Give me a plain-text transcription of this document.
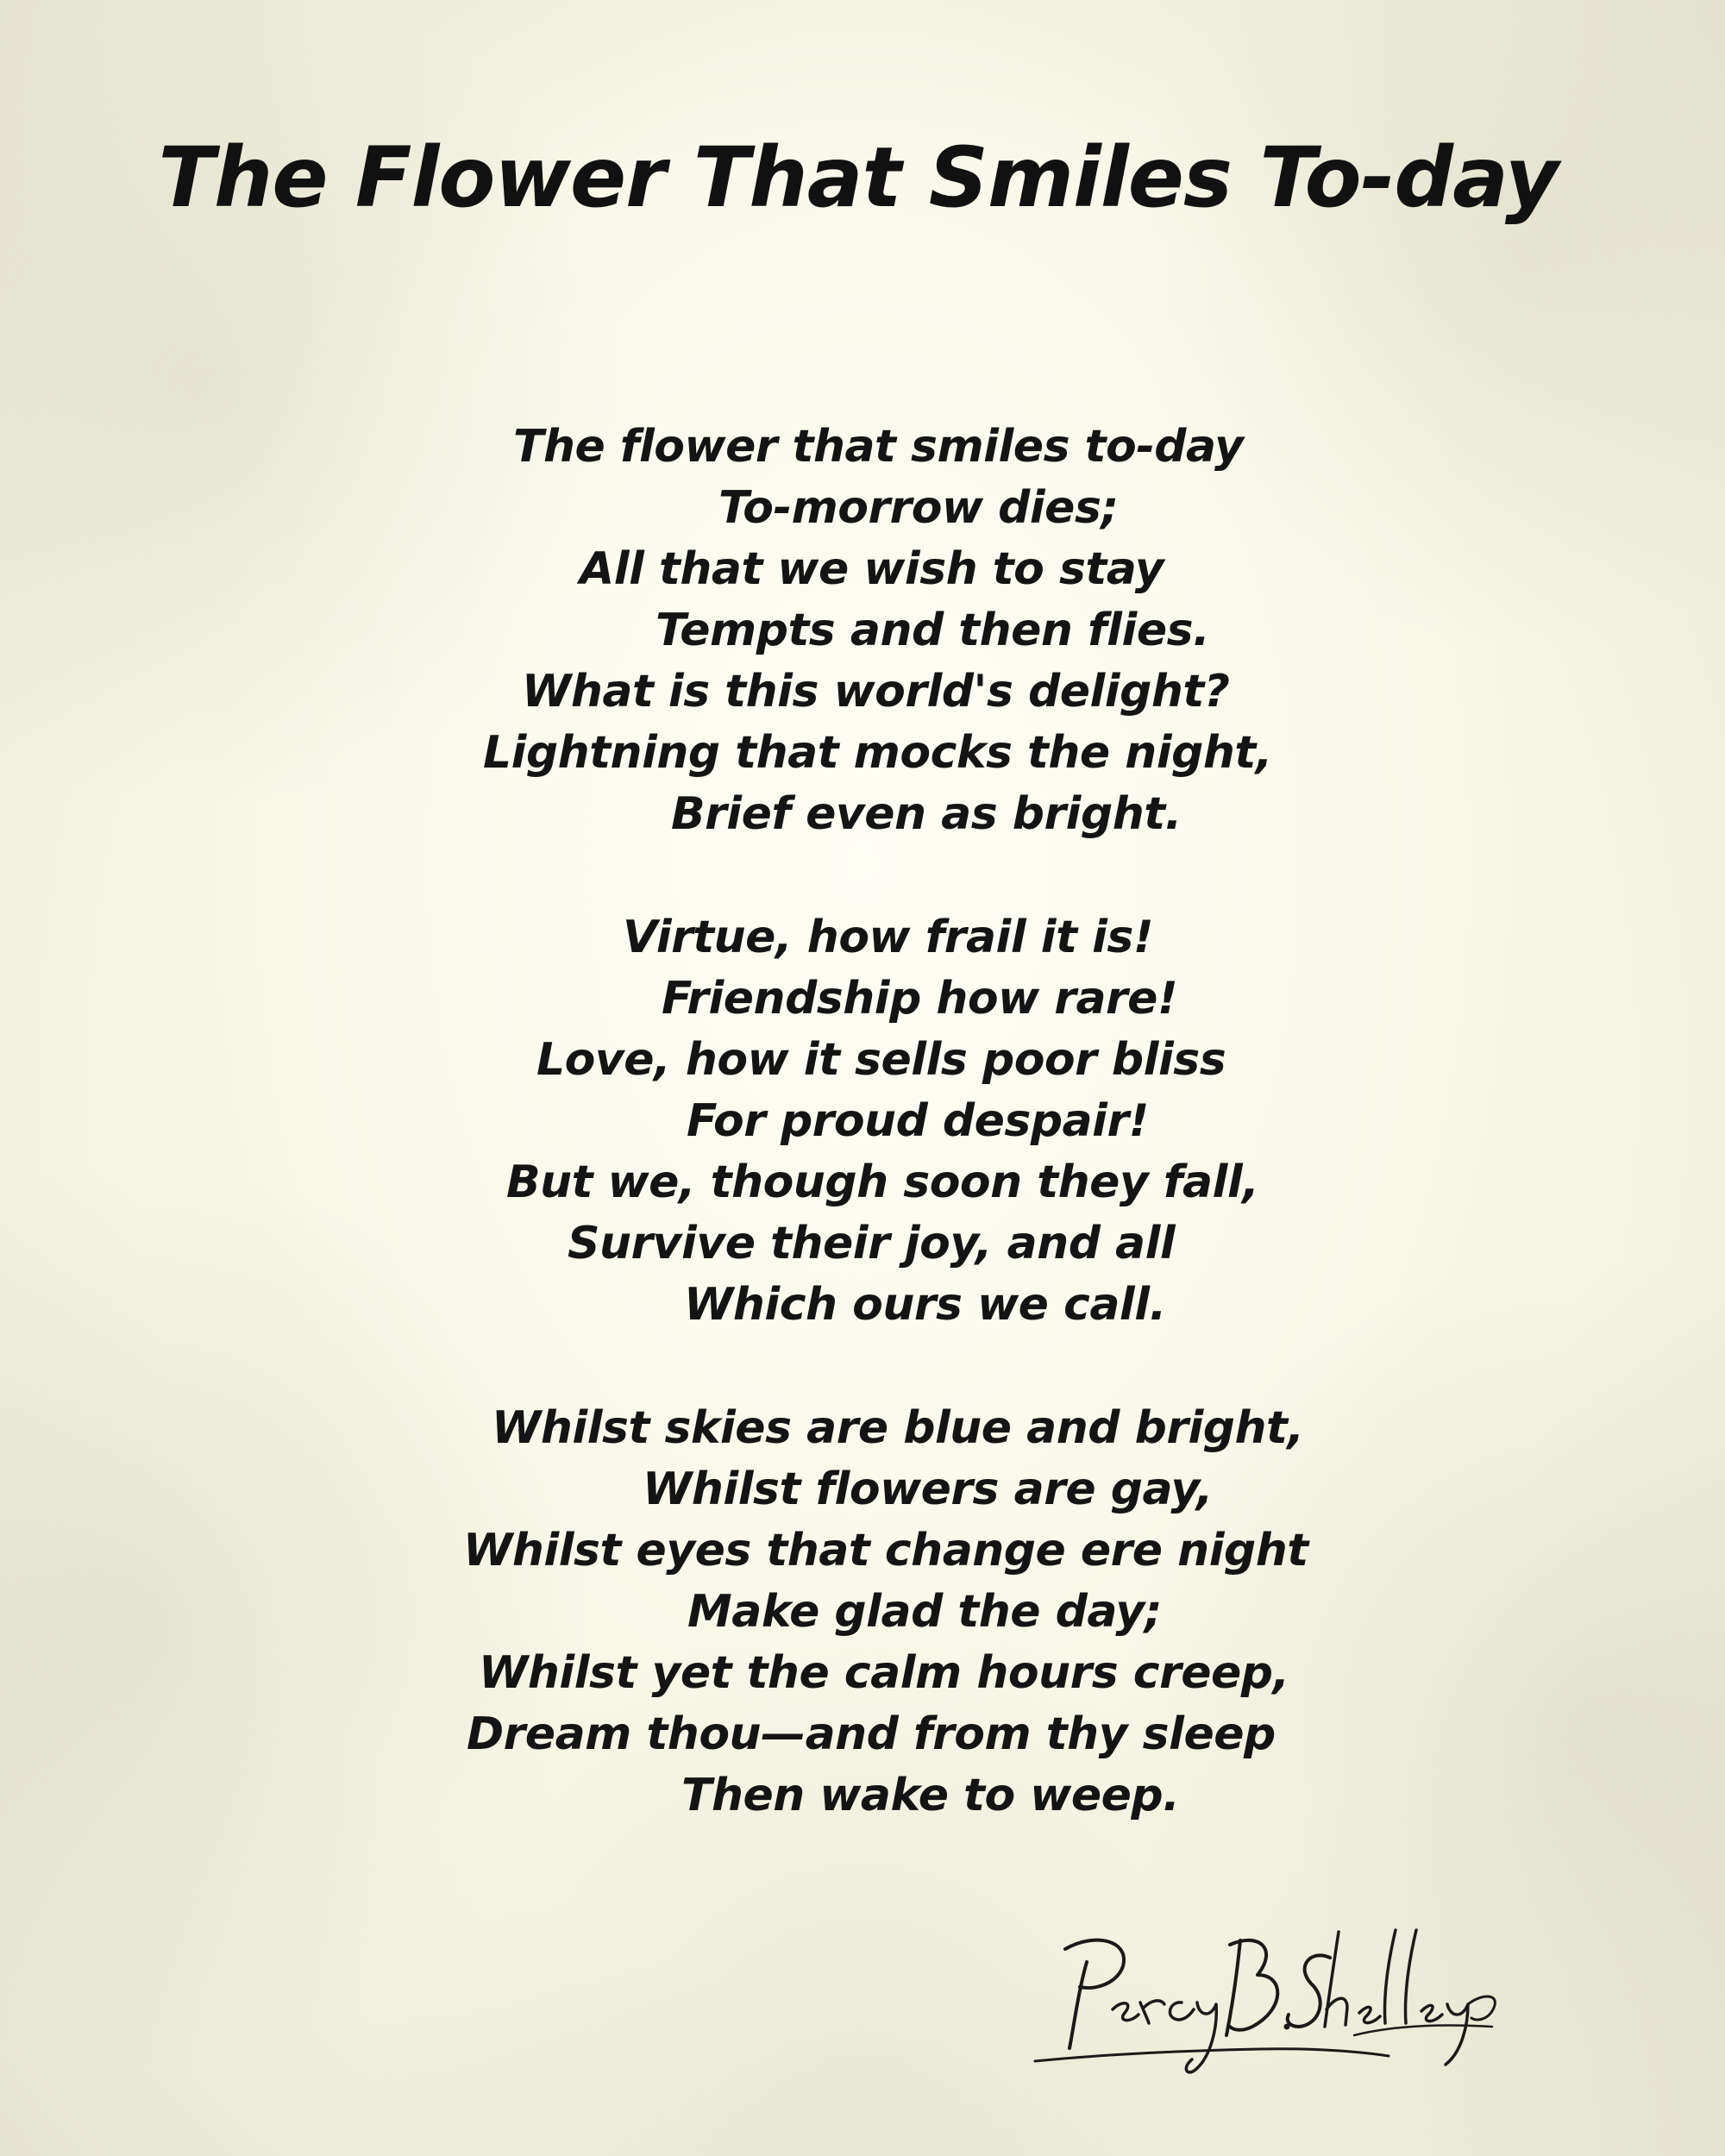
The Flower That Smiles To-day
The flower that smiles to-day
To-morrow dies;
All that we wish to stay
Tempts and then flies.
What is this world's delight?
Lightning that mocks the night,
Brief even as bright.
Virtue, how frail it is!
Friendship how rare!
Love, how it sells poor bliss
For proud despair!
But we, though soon they fall,
Survive their joy, and all
Which ours we call.
Whilst skies are blue and bright,
Whilst flowers are gay,
Whilst eyes that change ere night
Make glad the day;
Whilst yet the calm hours creep,
Dream thou—and from thy sleep
Then wake to weep.
